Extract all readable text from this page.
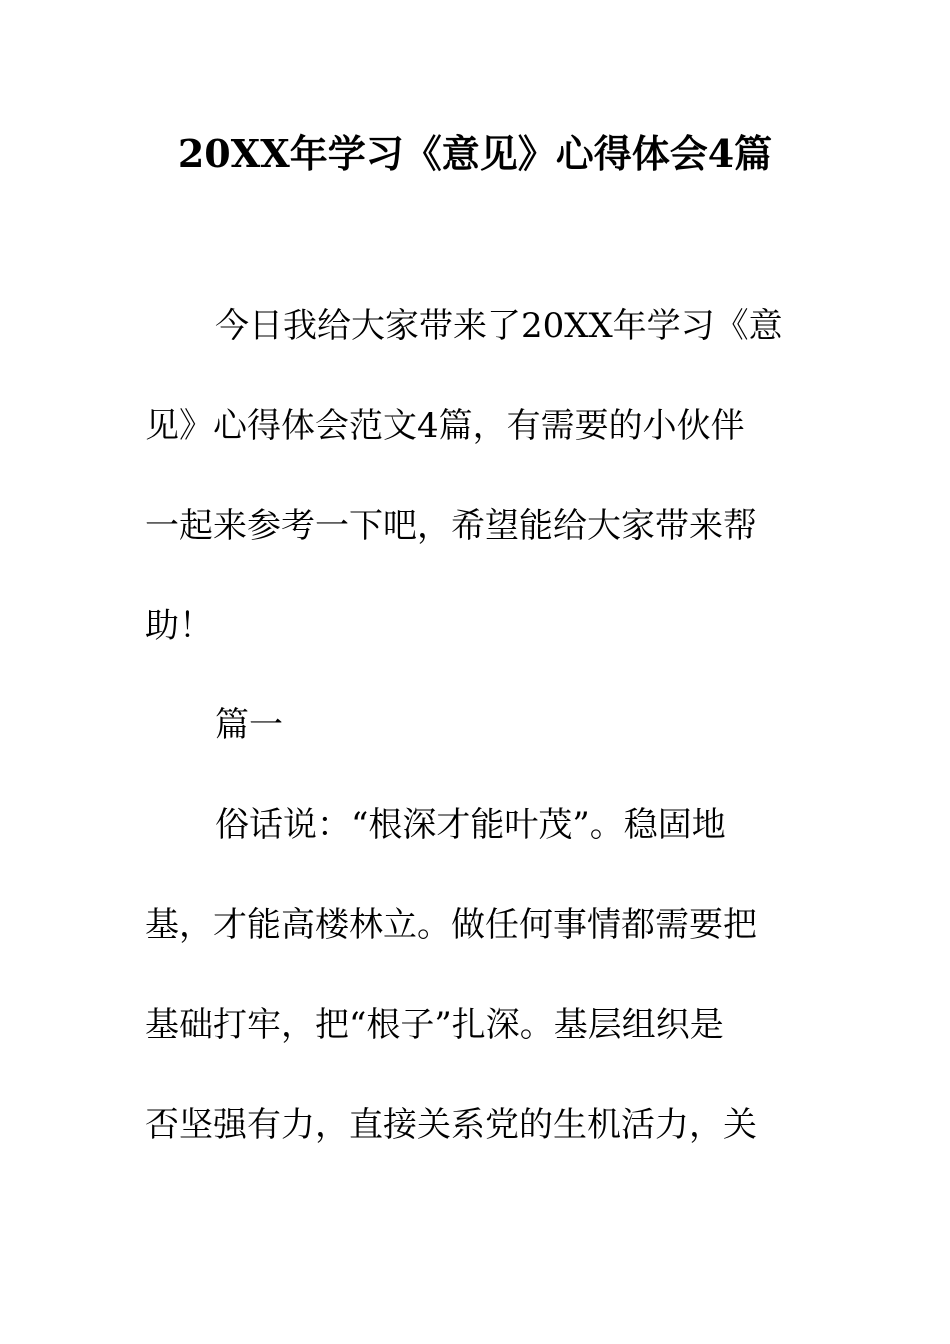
20XX年学习《意见》心得体会4篇
今日我给大家带来了20XX年学习《意
见》心得体会范文4篇，有需要的小伙伴
一起来参考一下吧，希望能给大家带来帮
助！
篇一
俗话说：“根深才能叶茂”。稳固地
基，才能高楼林立。做任何事情都需要把
基础打牢，把“根子”扎深。基层组织是
否坚强有力，直接关系党的生机活力，关
